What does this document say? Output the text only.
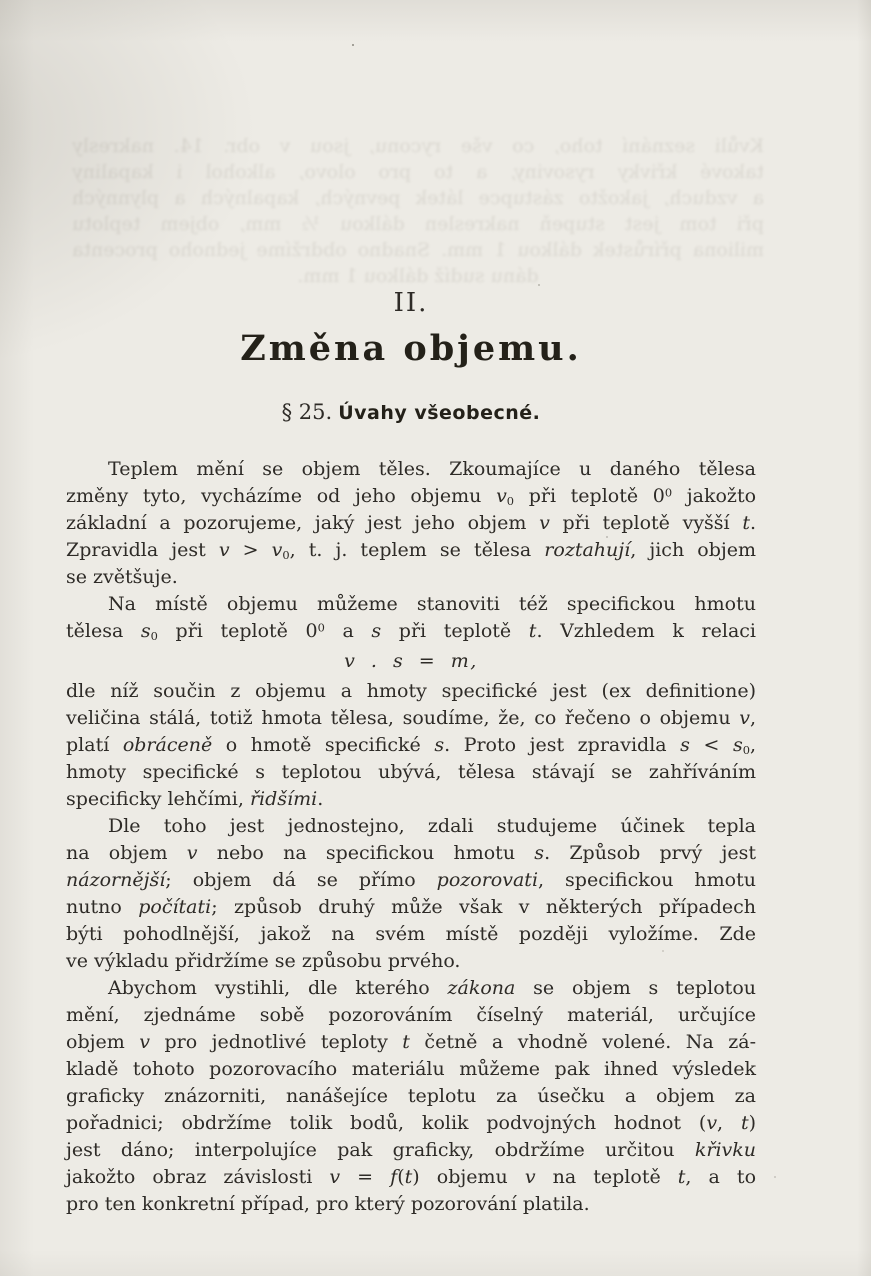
Kvůli seznání toho, co vše ryconu, jsou v obr. 14. nakresly
takové křivky rysoviny, a to pro olovo, alkohol i kapaliny
a vzduch, jakožto zástupce látek pevných, kapalných a plynných
při tom jest stupeň nakreslen dálkou ½ mm, objem teplotu
miliona přírůstek dálkou 1 mm. Snadno obdržíme jednoho procenta
dánu sudíž dálkou 1 mm.
II.
Změna objemu.
§ 25. Úvahy všeobecné.
Teplem mění se objem těles. Zkoumajíce u daného tělesa
změny tyto, vycházíme od jeho objemu $v_0$ při teplotě $0^0$ jakožto
základní a pozorujeme, jaký jest jeho objem v při teplotě vyšší t.
Zpravidla jest $v > v_0$, t. j. teplem se tělesa roztahují, jich objem
se zvětšuje.
Na místě objemu můžeme stanoviti též specifickou hmotu
tělesa $s_0$ při teplotě $0^0$ a s při teplotě t. Vzhledem k relaci
v . s = m,
dle níž součin z objemu a hmoty specifické jest (ex definitione)
veličina stálá, totiž hmota tělesa, soudíme, že, co řečeno o objemu v,
platí obráceně o hmotě specifické s. Proto jest zpravidla $s < s_0$,
hmoty specifické s teplotou ubývá, tělesa stávají se zahříváním
specificky lehčími, řidšími.
Dle toho jest jednostejno, zdali studujeme účinek tepla
na objem v nebo na specifickou hmotu s. Způsob prvý jest
názornější; objem dá se přímo pozorovati, specifickou hmotu
nutno počítati; způsob druhý může však v některých případech
býti pohodlnější, jakož na svém místě později vyložíme. Zde
ve výkladu přidržíme se způsobu prvého.
Abychom vystihli, dle kterého zákona se objem s teplotou
mění, zjednáme sobě pozorováním číselný materiál, určujíce
objem v pro jednotlivé teploty t četně a vhodně volené. Na zá-
kladě tohoto pozorovacího materiálu můžeme pak ihned výsledek
graficky znázorniti, nanášejíce teplotu za úsečku a objem za
pořadnici; obdržíme tolik bodů, kolik podvojných hodnot (v, t)
jest dáno; interpolujíce pak graficky, obdržíme určitou křivku
jakožto obraz závislosti v = f(t) objemu v na teplotě t, a to
pro ten konkretní případ, pro který pozorování platila.
